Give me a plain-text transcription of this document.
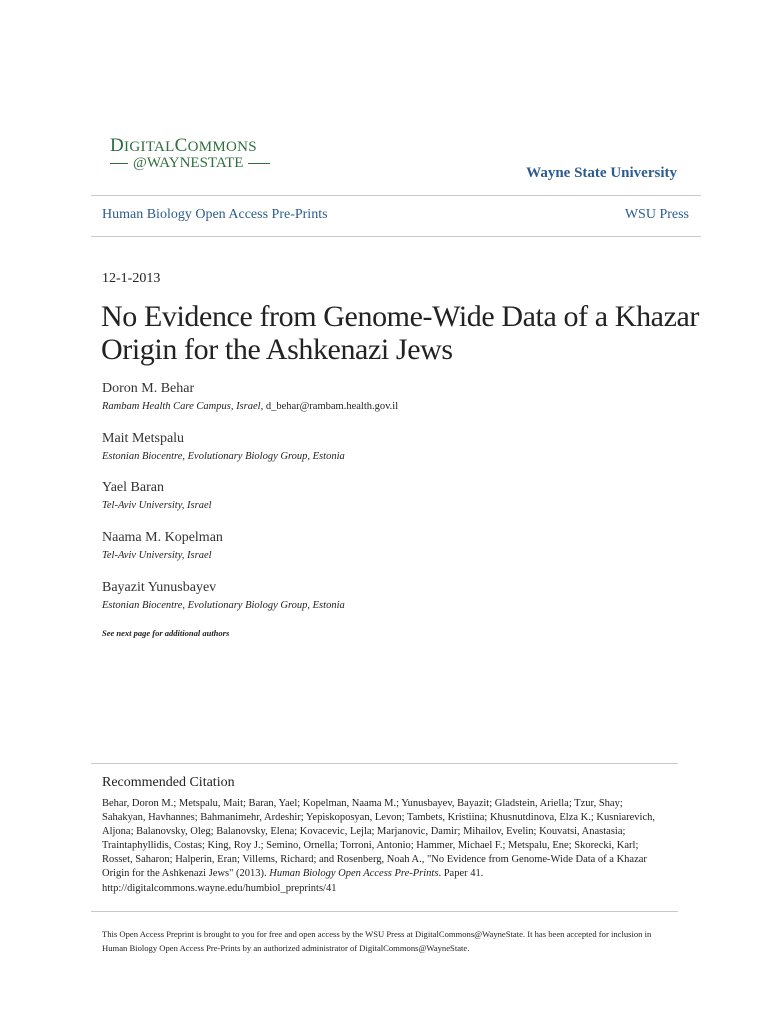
DIGITALCOMMONS
@WAYNESTATE
Wayne State University
Human Biology Open Access Pre-Prints	WSU Press
12-1-2013
No Evidence from Genome-Wide Data of a Khazar Origin for the Ashkenazi Jews
Doron M. Behar
Rambam Health Care Campus, Israel, d_behar@rambam.health.gov.il
Mait Metspalu
Estonian Biocentre, Evolutionary Biology Group, Estonia
Yael Baran
Tel-Aviv University, Israel
Naama M. Kopelman
Tel-Aviv University, Israel
Bayazit Yunusbayev
Estonian Biocentre, Evolutionary Biology Group, Estonia
See next page for additional authors
Recommended Citation
Behar, Doron M.; Metspalu, Mait; Baran, Yael; Kopelman, Naama M.; Yunusbayev, Bayazit; Gladstein, Ariella; Tzur, Shay; Sahakyan, Havhannes; Bahmanimehr, Ardeshir; Yepiskoposyan, Levon; Tambets, Kristiina; Khusnutdinova, Elza K.; Kusniarevich, Aljona; Balanovsky, Oleg; Balanovsky, Elena; Kovacevic, Lejla; Marjanovic, Damir; Mihailov, Evelin; Kouvatsi, Anastasia; Traintaphyllidis, Costas; King, Roy J.; Semino, Ornella; Torroni, Antonio; Hammer, Michael F.; Metspalu, Ene; Skorecki, Karl; Rosset, Saharon; Halperin, Eran; Villems, Richard; and Rosenberg, Noah A., "No Evidence from Genome-Wide Data of a Khazar Origin for the Ashkenazi Jews" (2013). Human Biology Open Access Pre-Prints. Paper 41.
http://digitalcommons.wayne.edu/humbiol_preprints/41
This Open Access Preprint is brought to you for free and open access by the WSU Press at DigitalCommons@WayneState. It has been accepted for inclusion in Human Biology Open Access Pre-Prints by an authorized administrator of DigitalCommons@WayneState.
